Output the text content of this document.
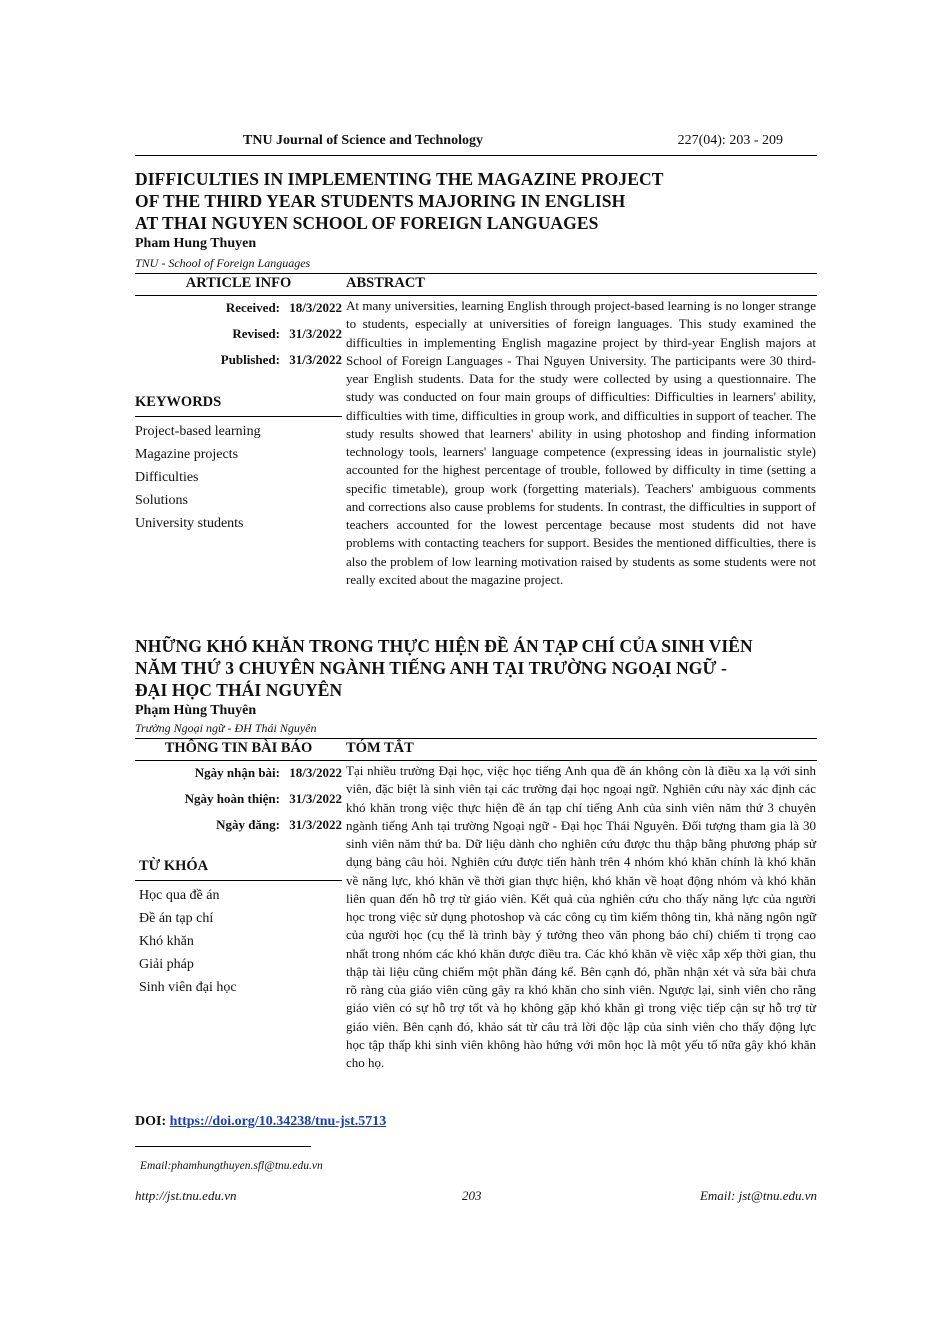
TNU Journal of Science and Technology	227(04): 203 - 209
DIFFICULTIES IN IMPLEMENTING THE MAGAZINE PROJECT
OF THE THIRD YEAR STUDENTS MAJORING IN ENGLISH
AT THAI NGUYEN SCHOOL OF FOREIGN LANGUAGES
Pham Hung Thuyen
TNU - School of Foreign Languages
ARTICLE INFO	ABSTRACT
Received: 18/3/2022
Revised: 31/3/2022
Published: 31/3/2022
KEYWORDS
Project-based learning
Magazine projects
Difficulties
Solutions
University students
At many universities, learning English through project-based learning is no longer strange to students, especially at universities of foreign languages. This study examined the difficulties in implementing English magazine project by third-year English majors at School of Foreign Languages - Thai Nguyen University. The participants were 30 third-year English students. Data for the study were collected by using a questionnaire. The study was conducted on four main groups of difficulties: Difficulties in learners' ability, difficulties with time, difficulties in group work, and difficulties in support of teacher. The study results showed that learners' ability in using photoshop and finding information technology tools, learners' language competence (expressing ideas in journalistic style) accounted for the highest percentage of trouble, followed by difficulty in time (setting a specific timetable), group work (forgetting materials). Teachers' ambiguous comments and corrections also cause problems for students. In contrast, the difficulties in support of teachers accounted for the lowest percentage because most students did not have problems with contacting teachers for support. Besides the mentioned difficulties, there is also the problem of low learning motivation raised by students as some students were not really excited about the magazine project.
NHỮNG KHÓ KHĂN TRONG THỰC HIỆN ĐỀ ÁN TẠP CHÍ CỦA SINH VIÊN
NĂM THỨ 3 CHUYÊN NGÀNH TIẾNG ANH TẠI TRƯỜNG NGOẠI NGỮ -
ĐẠI HỌC THÁI NGUYÊN
Phạm Hùng Thuyên
Trường Ngoại ngữ - ĐH Thái Nguyên
THÔNG TIN BÀI BÁO	TÓM TẮT
Ngày nhận bài: 18/3/2022
Ngày hoàn thiện: 31/3/2022
Ngày đăng: 31/3/2022
TỪ KHÓA
Học qua đề án
Đề án tạp chí
Khó khăn
Giải pháp
Sinh viên đại học
Tại nhiều trường Đại học, việc học tiếng Anh qua đề án không còn là điều xa lạ với sinh viên, đặc biệt là sinh viên tại các trường đại học ngoại ngữ. Nghiên cứu này xác định các khó khăn trong việc thực hiện đề án tạp chí tiếng Anh của sinh viên năm thứ 3 chuyên ngành tiếng Anh tại trường Ngoại ngữ - Đại học Thái Nguyên. Đối tượng tham gia là 30 sinh viên năm thứ ba. Dữ liệu dành cho nghiên cứu được thu thập bằng phương pháp sử dụng bảng câu hỏi. Nghiên cứu được tiến hành trên 4 nhóm khó khăn chính là khó khăn về năng lực, khó khăn về thời gian thực hiện, khó khăn về hoạt động nhóm và khó khăn liên quan đến hỗ trợ từ giáo viên. Kết quả của nghiên cứu cho thấy năng lực của người học trong việc sử dụng photoshop và các công cụ tìm kiếm thông tin, khả năng ngôn ngữ của người học (cụ thể là trình bày ý tưởng theo văn phong báo chí) chiếm tỉ trọng cao nhất trong nhóm các khó khăn được điều tra. Các khó khăn về việc xắp xếp thời gian, thu thập tài liệu cũng chiếm một phần đáng kể. Bên cạnh đó, phần nhận xét và sửa bài chưa rõ ràng của giáo viên cũng gây ra khó khăn cho sinh viên. Ngược lại, sinh viên cho rằng giáo viên có sự hỗ trợ tốt và họ không gặp khó khăn gì trong việc tiếp cận sự hỗ trợ từ giáo viên. Bên cạnh đó, khảo sát từ câu trả lời độc lập của sinh viên cho thấy động lực học tập thấp khi sinh viên không hào hứng với môn học là một yếu tố nữa gây khó khăn cho họ.
DOI: https://doi.org/10.34238/tnu-jst.5713
Email:phamhungthuyen.sfl@tnu.edu.vn
http://jst.tnu.edu.vn	203	Email: jst@tnu.edu.vn
